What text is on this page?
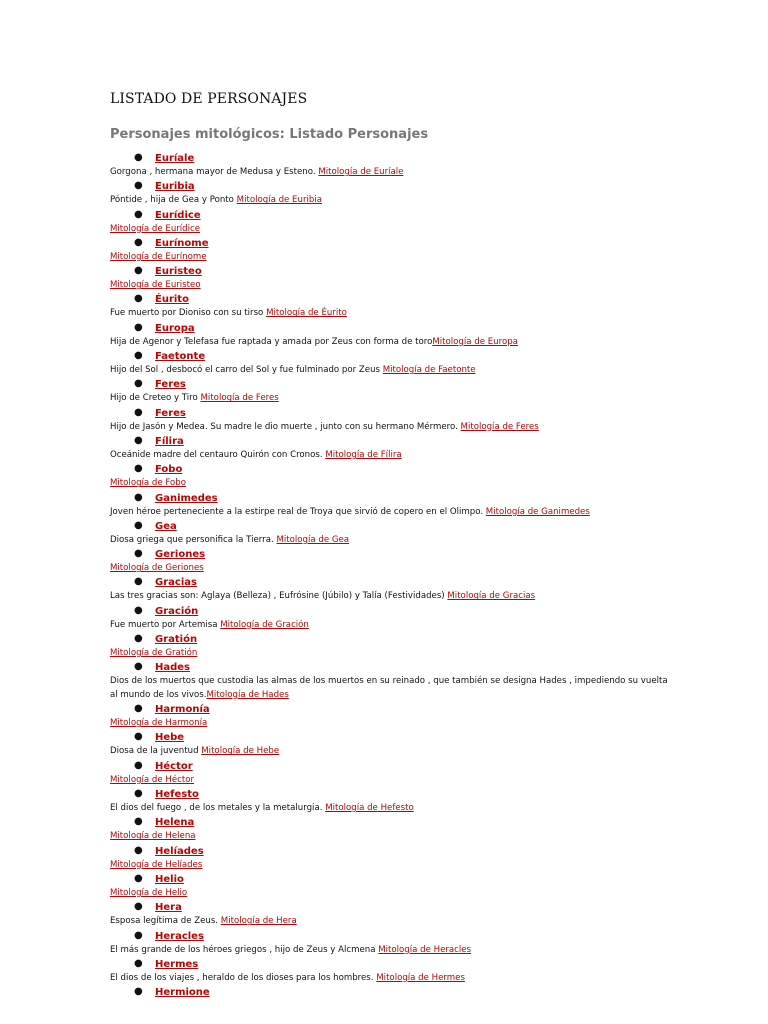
LISTADO DE PERSONAJES
Personajes mitológicos: Listado Personajes
● Euríale
Gorgona , hermana mayor de Medusa y Esteno. Mitología de Euríale
● Euribia
Póntide , hija de Gea y Ponto Mitología de Euribia
● Eurídice
Mitología de Eurídice
● Eurínome
Mitología de Eurínome
● Euristeo
Mitología de Euristeo
● Éurito
Fue muerto por Dioniso con su tirso Mitología de Éurito
● Europa
Hija de Agenor y Telefasa fue raptada y amada por Zeus con forma de toroMitología de Europa
● Faetonte
Hijo del Sol , desbocó el carro del Sol y fue fulminado por Zeus Mitología de Faetonte
● Feres
Hijo de Creteo y Tiro Mitología de Feres
● Feres
Hijo de Jasón y Medea. Su madre le dio muerte , junto con su hermano Mérmero. Mitología de Feres
● Fílira
Oceánide madre del centauro Quirón con Cronos. Mitología de Fílira
● Fobo
Mitología de Fobo
● Ganimedes
Joven héroe perteneciente a la estirpe real de Troya que sirvió de copero en el Olimpo. Mitología de Ganimedes
● Gea
Diosa griega que personifica la Tierra. Mitología de Gea
● Geriones
Mitología de Geriones
● Gracias
Las tres gracias son: Aglaya (Belleza) , Eufrósine (Júbilo) y Talía (Festividades) Mitología de Gracias
● Gración
Fue muerto por Artemisa Mitología de Gración
● Gratión
Mitología de Gratión
● Hades
Dios de los muertos que custodia las almas de los muertos en su reinado , que también se designa Hades , impediendo su vuelta al mundo de los vivos.Mitología de Hades
● Harmonía
Mitología de Harmonía
● Hebe
Diosa de la juventud Mitología de Hebe
● Héctor
Mitología de Héctor
● Hefesto
El dios del fuego , de los metales y la metalurgia. Mitología de Hefesto
● Helena
Mitología de Helena
● Helíades
Mitología de Helíades
● Helio
Mitología de Helio
● Hera
Esposa legítima de Zeus. Mitología de Hera
● Heracles
El más grande de los héroes griegos , hijo de Zeus y Alcmena Mitología de Heracles
● Hermes
El dios de los viajes , heraldo de los dioses para los hombres. Mitología de Hermes
● Hermione
